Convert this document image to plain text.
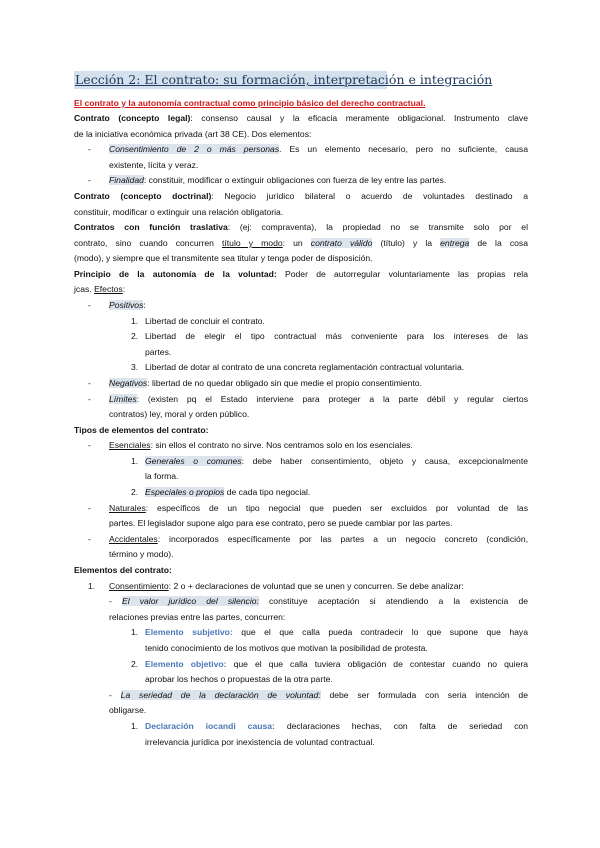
Lección 2: El contrato: su formación, interpretación e integración
El contrato y la autonomía contractual como principio básico del derecho contractual.
Contrato (concepto legal): consenso causal y la eficacia meramente obligacional. Instrumento clave
de la iniciativa económica privada (art 38 CE). Dos elementos:
- Consentimiento de 2 o más personas. Es un elemento necesario, pero no suficiente, causa
existente, lícita y veraz.
- Finalidad: constituir, modificar o extinguir obligaciones con fuerza de ley entre las partes.
Contrato (concepto doctrinal): Negocio jurídico bilateral o acuerdo de voluntades destinado a
constituir, modificar o extinguir una relación obligatoria.
Contratos con función traslativa: (ej: compraventa), la propiedad no se transmite solo por el
contrato, sino cuando concurren título y modo: un contrato válido (título) y la entrega de la cosa
(modo), y siempre que el transmitente sea titular y tenga poder de disposición.
Principio de la autonomía de la voluntad: Poder de autorregular voluntariamente las propias rela
jcas. Efectos:
- Positivos:
1. Libertad de concluir el contrato.
2. Libertad de elegir el tipo contractual más conveniente para los intereses de las
partes.
3. Libertad de dotar al contrato de una concreta reglamentación contractual voluntaria.
- Negativos: libertad de no quedar obligado sin que medie el propio consentimiento.
- Límites: (existen pq el Estado interviene para proteger a la parte débil y regular ciertos
contratos) ley, moral y orden público.
Tipos de elementos del contrato:
- Esenciales: sin ellos el contrato no sirve. Nos centramos solo en los esenciales.
1. Generales o comunes: debe haber consentimiento, objeto y causa, excepcionalmente
la forma.
2. Especiales o propios de cada tipo negocial.
- Naturales: específicos de un tipo negocial que pueden ser excluidos por voluntad de las
partes. El legislador supone algo para ese contrato, pero se puede cambiar por las partes.
- Accidentales: incorporados específicamente por las partes a un negocio concreto (condición,
término y modo).
Elementos del contrato:
1. Consentimiento: 2 o + declaraciones de voluntad que se unen y concurren. Se debe analizar:
- El valor jurídico del silencio: constituye aceptación si atendiendo a la existencia de
relaciones previas entre las partes, concurren:
1. Elemento subjetivo: que el que calla pueda contradecir lo que supone que haya
tenido conocimiento de los motivos que motivan la posibilidad de protesta.
2. Elemento objetivo: que el que calla tuviera obligación de contestar cuando no quiera
aprobar los hechos o propuestas de la otra parte.
- La seriedad de la declaración de voluntad: debe ser formulada con seria intención de
obligarse.
1. Declaración iocandi causa: declaraciones hechas, con falta de seriedad con
irrelevancia jurídica por inexistencia de voluntad contractual.
